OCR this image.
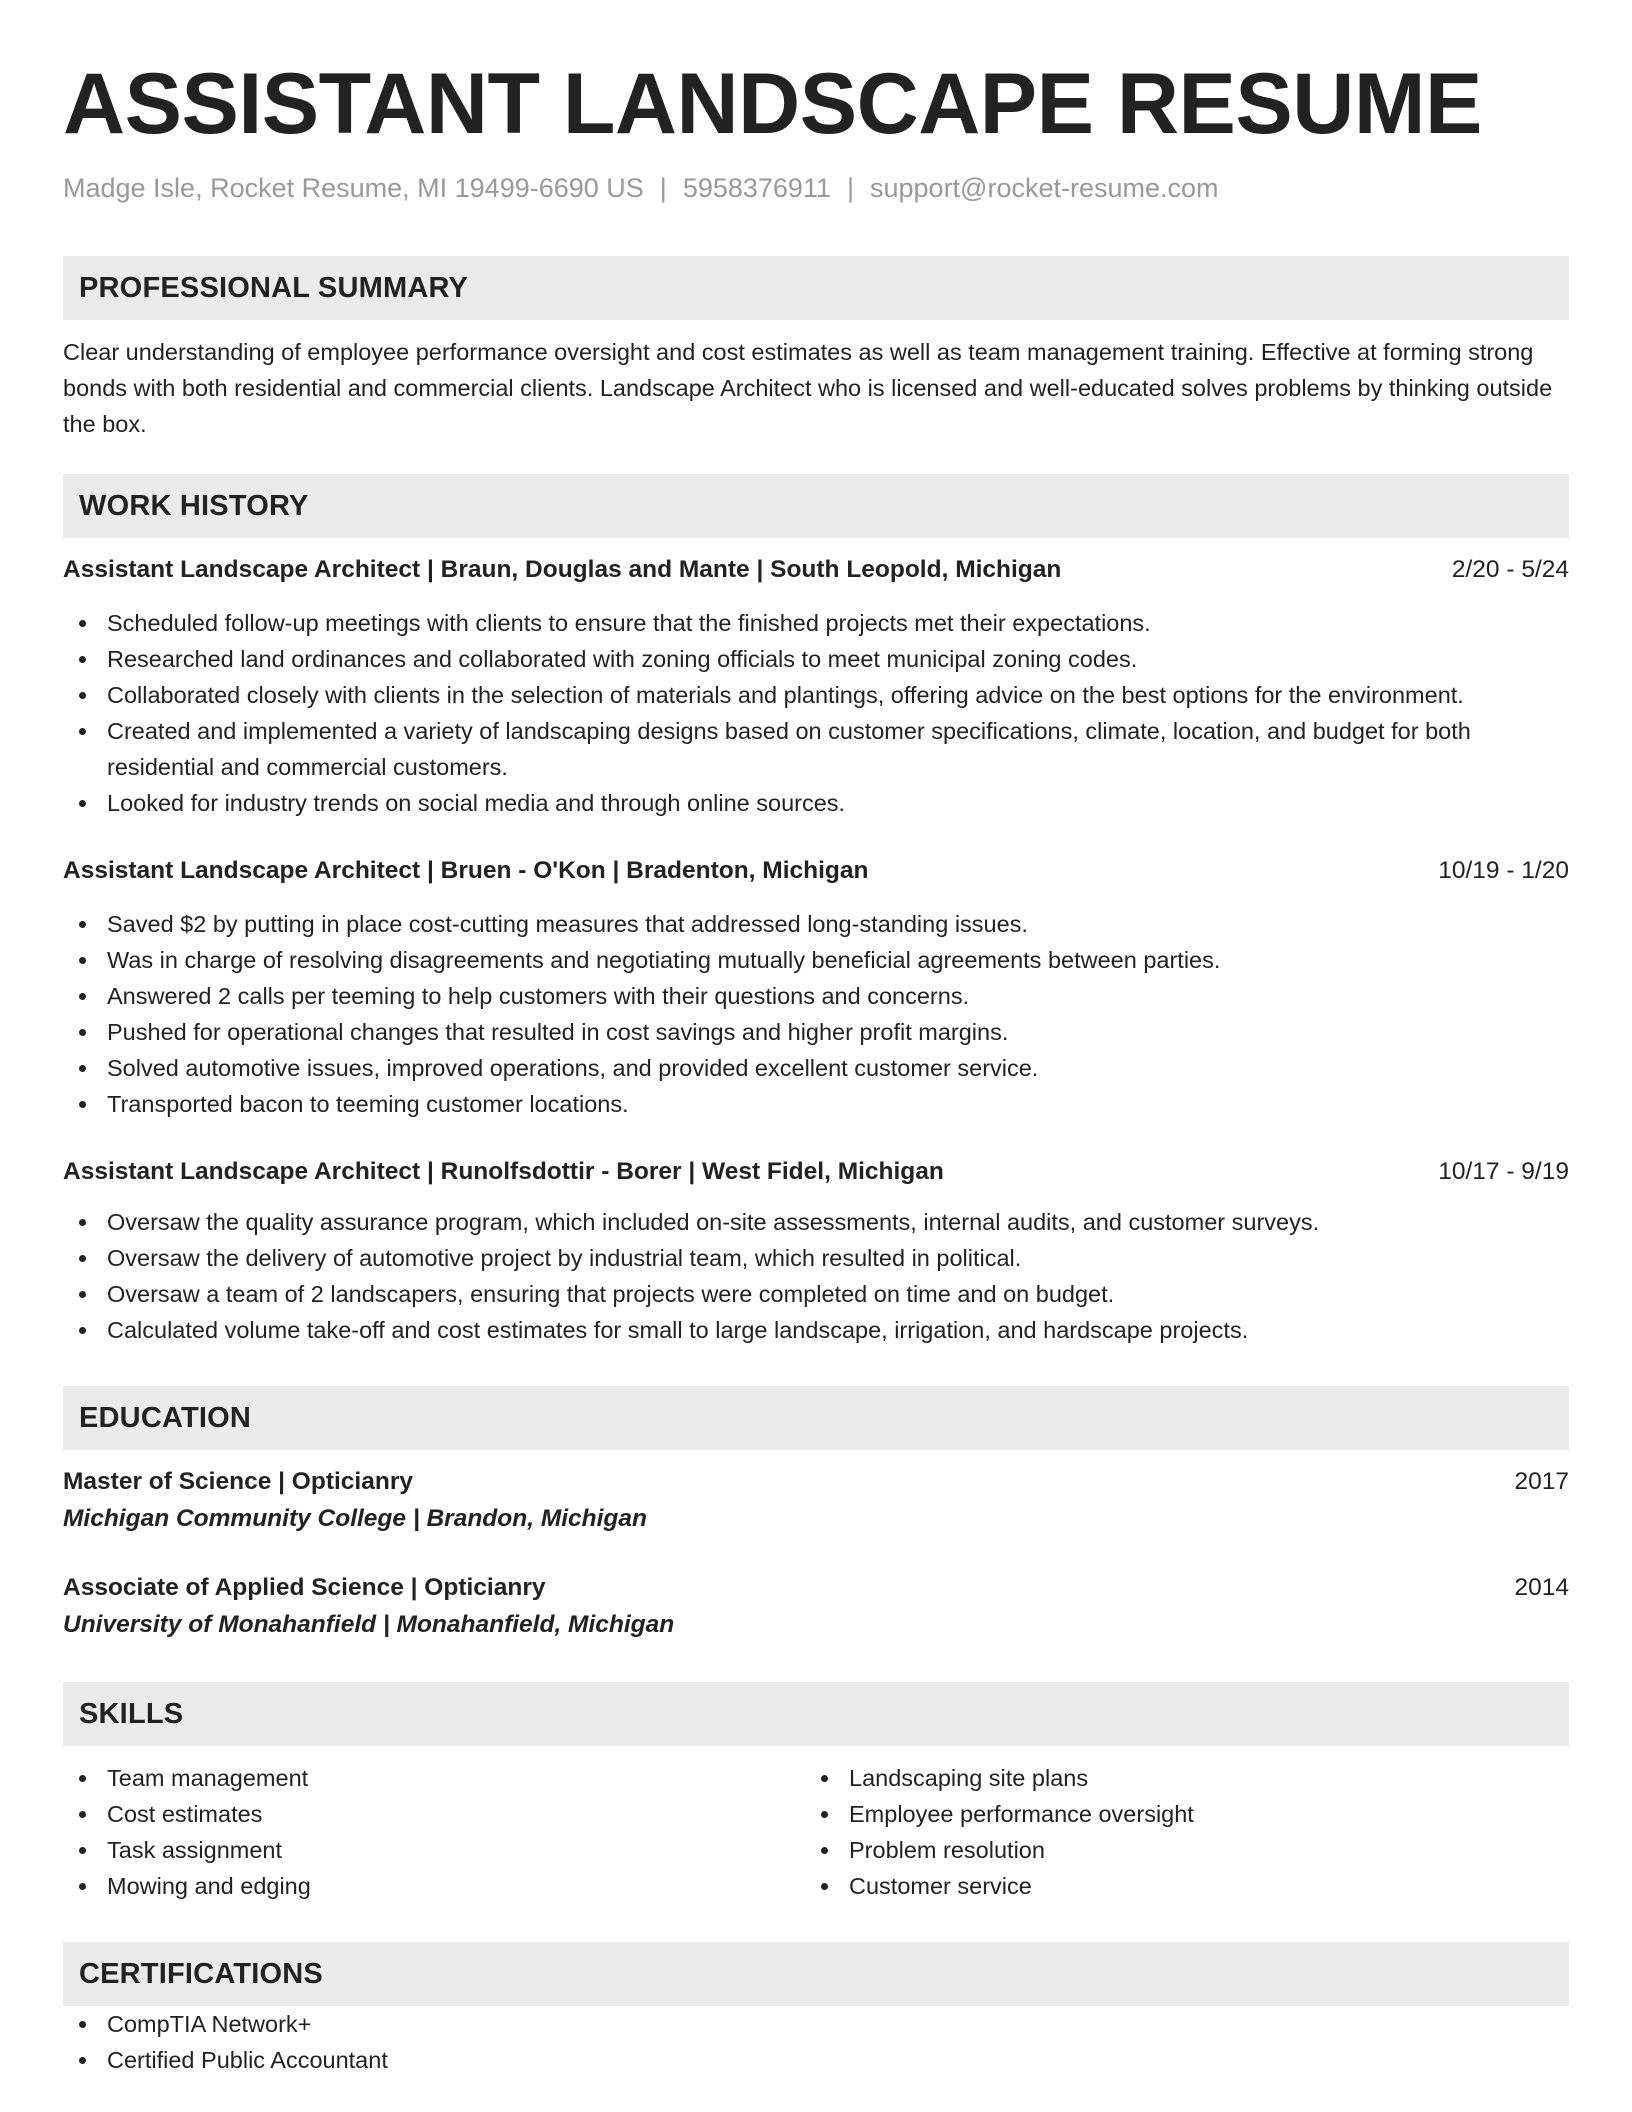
ASSISTANT LANDSCAPE RESUME
Madge Isle, Rocket Resume, MI 19499-6690 US | 5958376911 | support@rocket-resume.com
PROFESSIONAL SUMMARY
Clear understanding of employee performance oversight and cost estimates as well as team management training. Effective at forming strong bonds with both residential and commercial clients. Landscape Architect who is licensed and well-educated solves problems by thinking outside the box.
WORK HISTORY
Assistant Landscape Architect | Braun, Douglas and Mante | South Leopold, Michigan	2/20 - 5/24
Scheduled follow-up meetings with clients to ensure that the finished projects met their expectations.
Researched land ordinances and collaborated with zoning officials to meet municipal zoning codes.
Collaborated closely with clients in the selection of materials and plantings, offering advice on the best options for the environment.
Created and implemented a variety of landscaping designs based on customer specifications, climate, location, and budget for both residential and commercial customers.
Looked for industry trends on social media and through online sources.
Assistant Landscape Architect | Bruen - O'Kon | Bradenton, Michigan	10/19 - 1/20
Saved $2 by putting in place cost-cutting measures that addressed long-standing issues.
Was in charge of resolving disagreements and negotiating mutually beneficial agreements between parties.
Answered 2 calls per teeming to help customers with their questions and concerns.
Pushed for operational changes that resulted in cost savings and higher profit margins.
Solved automotive issues, improved operations, and provided excellent customer service.
Transported bacon to teeming customer locations.
Assistant Landscape Architect | Runolfsdottir - Borer | West Fidel, Michigan	10/17 - 9/19
Oversaw the quality assurance program, which included on-site assessments, internal audits, and customer surveys.
Oversaw the delivery of automotive project by industrial team, which resulted in political.
Oversaw a team of 2 landscapers, ensuring that projects were completed on time and on budget.
Calculated volume take-off and cost estimates for small to large landscape, irrigation, and hardscape projects.
EDUCATION
Master of Science | Opticianry	2017
Michigan Community College | Brandon, Michigan
Associate of Applied Science | Opticianry	2014
University of Monahanfield | Monahanfield, Michigan
SKILLS
Team management
Cost estimates
Task assignment
Mowing and edging
Landscaping site plans
Employee performance oversight
Problem resolution
Customer service
CERTIFICATIONS
CompTIA Network+
Certified Public Accountant
